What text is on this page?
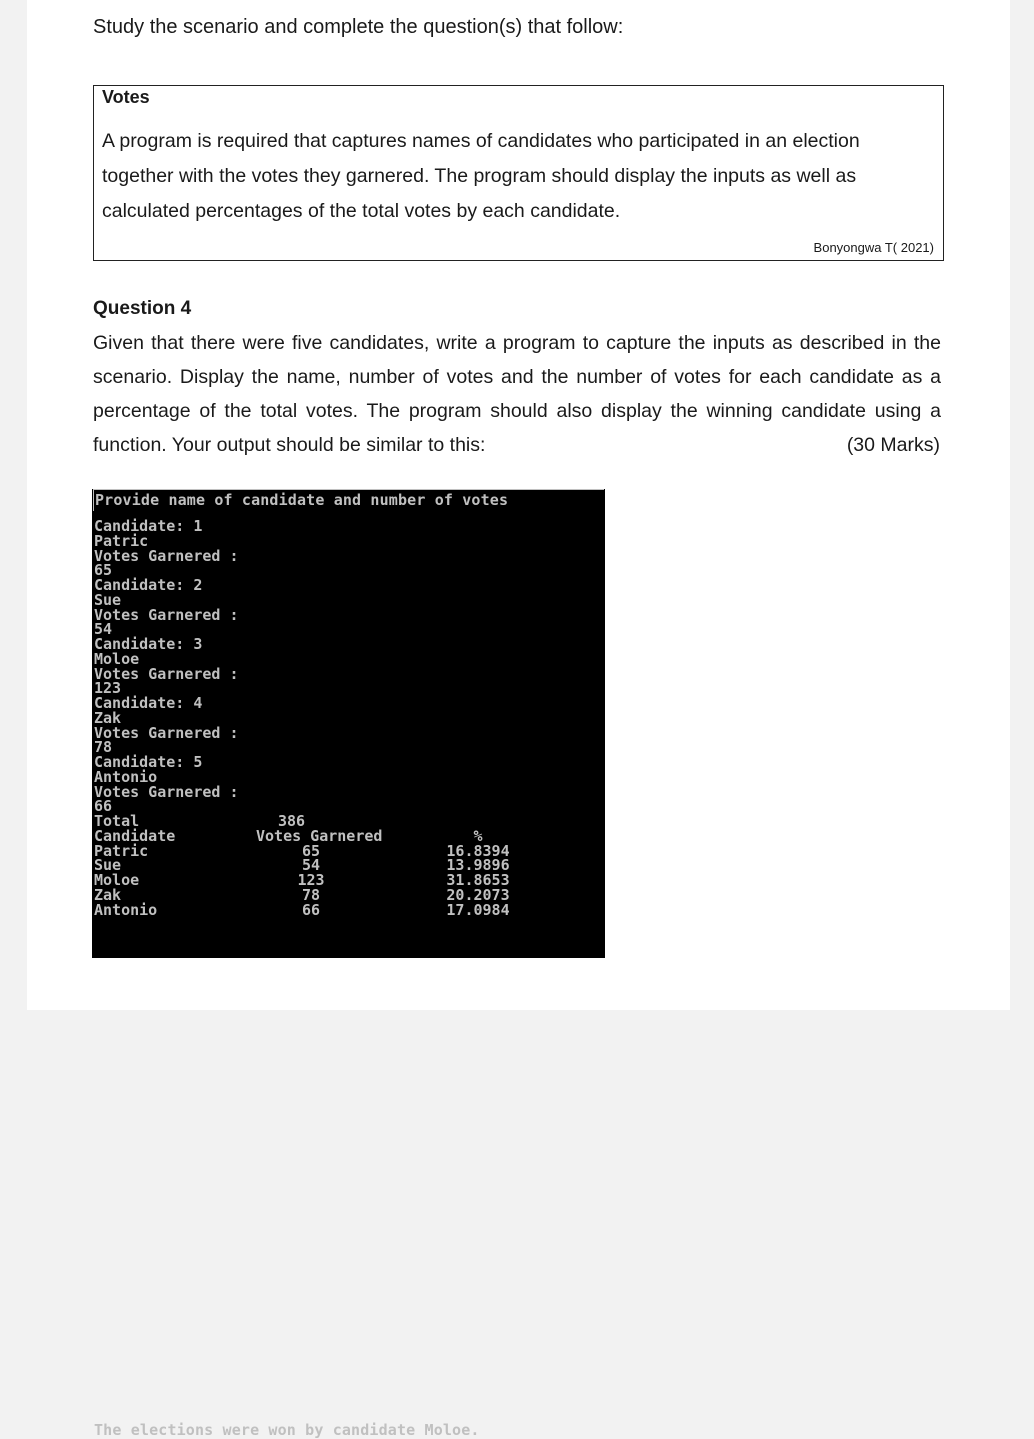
Study the scenario and complete the question(s) that follow:
Votes
A program is required that captures names of candidates who participated in an election
together with the votes they garnered. The program should display the inputs as well as
calculated percentages of the total votes by each candidate.
Bonyongwa T( 2021)
Question 4
Given that there were five candidates, write a program to capture the inputs as described in the scenario. Display the name, number of votes and the number of votes for each candidate as a percentage of the total votes. The program should also display the winning candidate using a function. Your output should be similar to this:	(30 Marks)
Provide name of candidate and number of votes
Candidate: 1
Patric
Votes Garnered :
65
Candidate: 2
Sue
Votes Garnered :
54
Candidate: 3
Moloe
Votes Garnered :
123
Candidate: 4
Zak
Votes Garnered :
78
Candidate: 5
Antonio
Votes Garnered :
66
Total	386
Candidate	Votes Garnered	%
Patric	65	16.8394
Sue	54	13.9896
Moloe	123	31.8653
Zak	78	20.2073
Antonio	66	17.0984
The elections were won by candidate Moloe.
